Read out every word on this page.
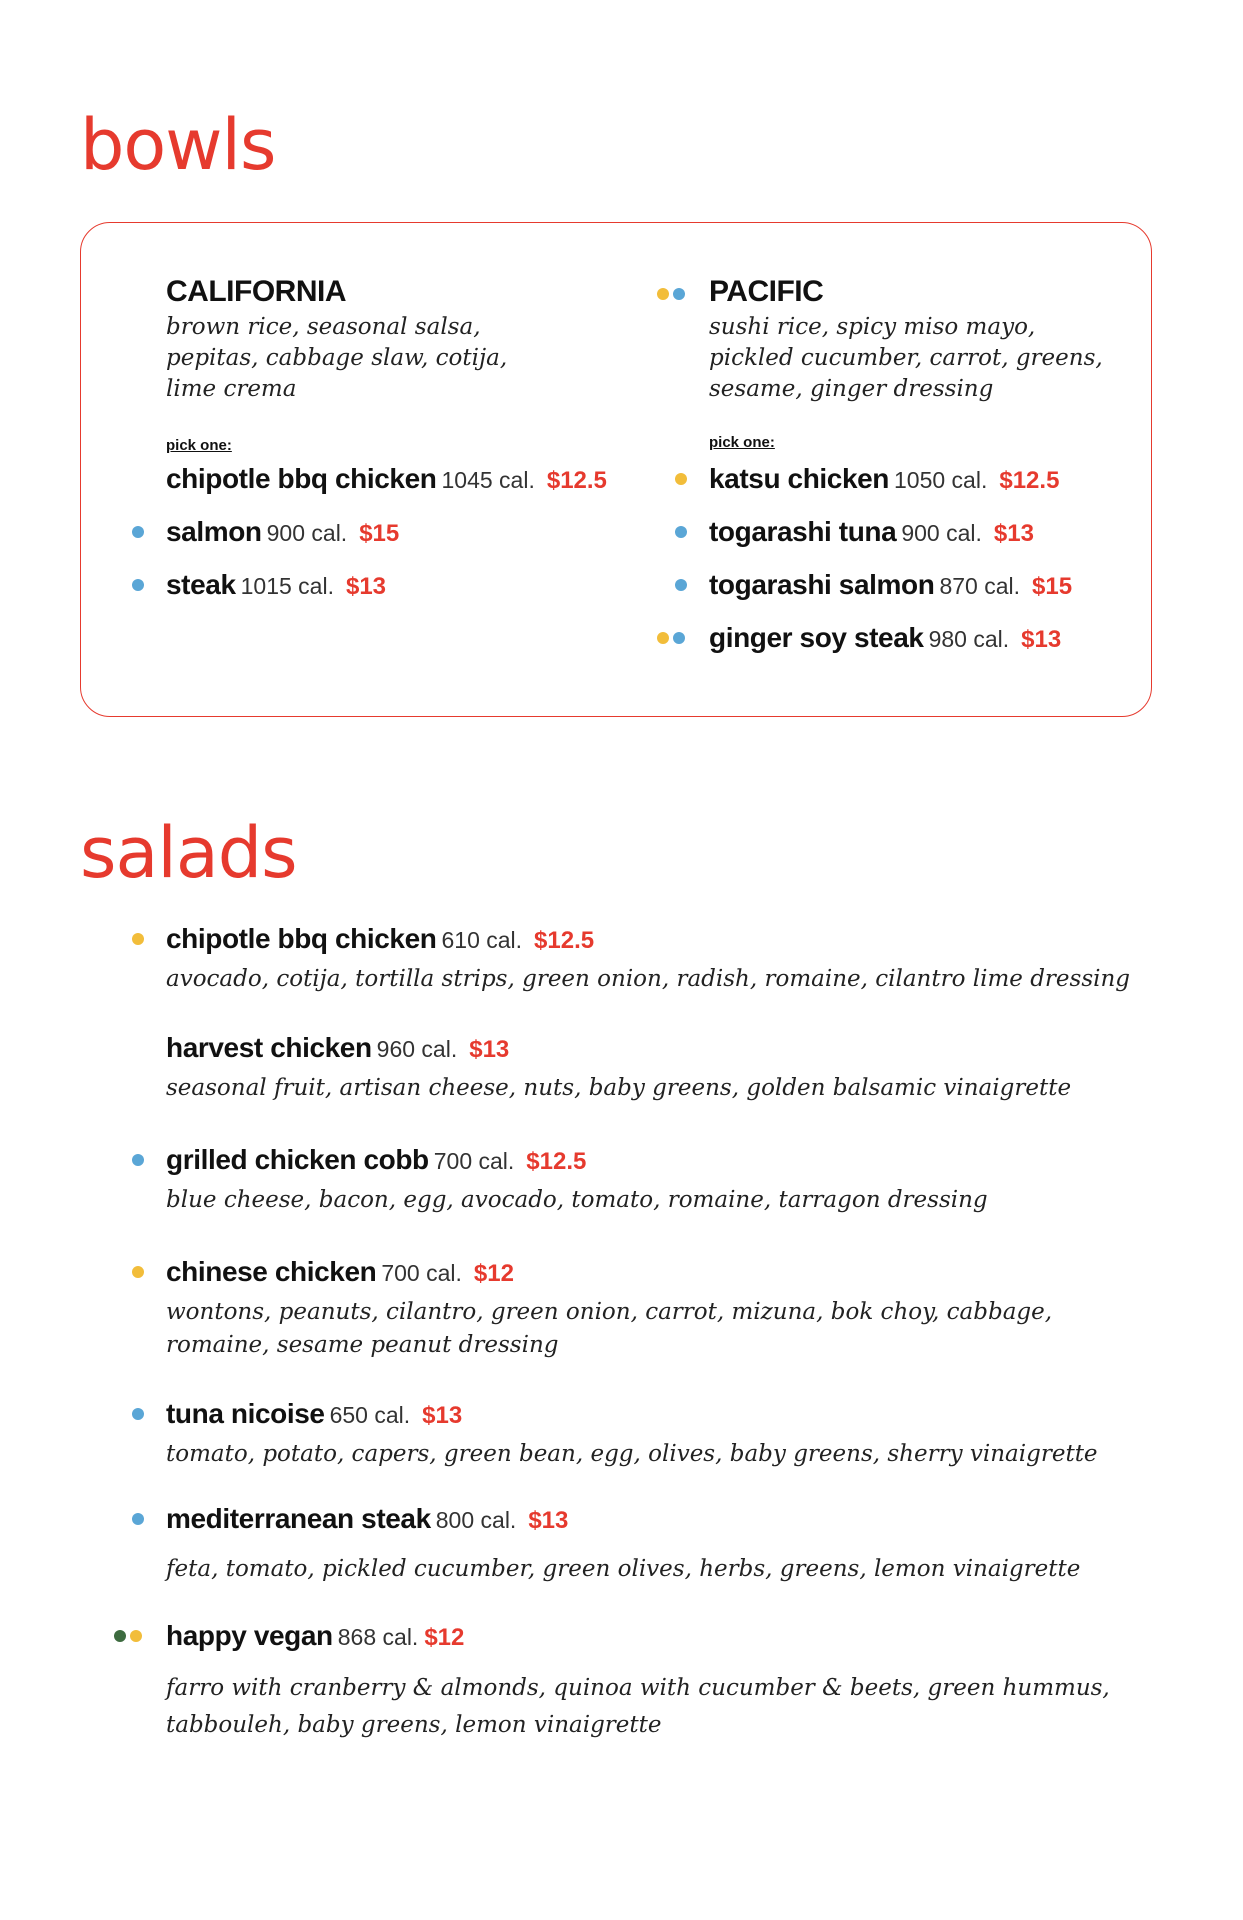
bowls
CALIFORNIA
brown rice, seasonal salsa,
pepitas, cabbage slaw, cotija,
lime crema
pick one:
chipotle bbq chicken 1045 cal. $12.5
salmon 900 cal. $15
steak 1015 cal. $13
PACIFIC
sushi rice, spicy miso mayo,
pickled cucumber, carrot, greens,
sesame, ginger dressing
pick one:
katsu chicken 1050 cal. $12.5
togarashi tuna 900 cal. $13
togarashi salmon 870 cal. $15
ginger soy steak 980 cal. $13
salads
chipotle bbq chicken 610 cal. $12.5
avocado, cotija, tortilla strips, green onion, radish, romaine, cilantro lime dressing
harvest chicken 960 cal. $13
seasonal fruit, artisan cheese, nuts, baby greens, golden balsamic vinaigrette
grilled chicken cobb 700 cal. $12.5
blue cheese, bacon, egg, avocado, tomato, romaine, tarragon dressing
chinese chicken 700 cal. $12
wontons, peanuts, cilantro, green onion, carrot, mizuna, bok choy, cabbage,
romaine, sesame peanut dressing
tuna nicoise 650 cal. $13
tomato, potato, capers, green bean, egg, olives, baby greens, sherry vinaigrette
mediterranean steak 800 cal. $13
feta, tomato, pickled cucumber, green olives, herbs, greens, lemon vinaigrette
happy vegan 868 cal. $12
farro with cranberry & almonds, quinoa with cucumber & beets, green hummus,
tabbouleh, baby greens, lemon vinaigrette
